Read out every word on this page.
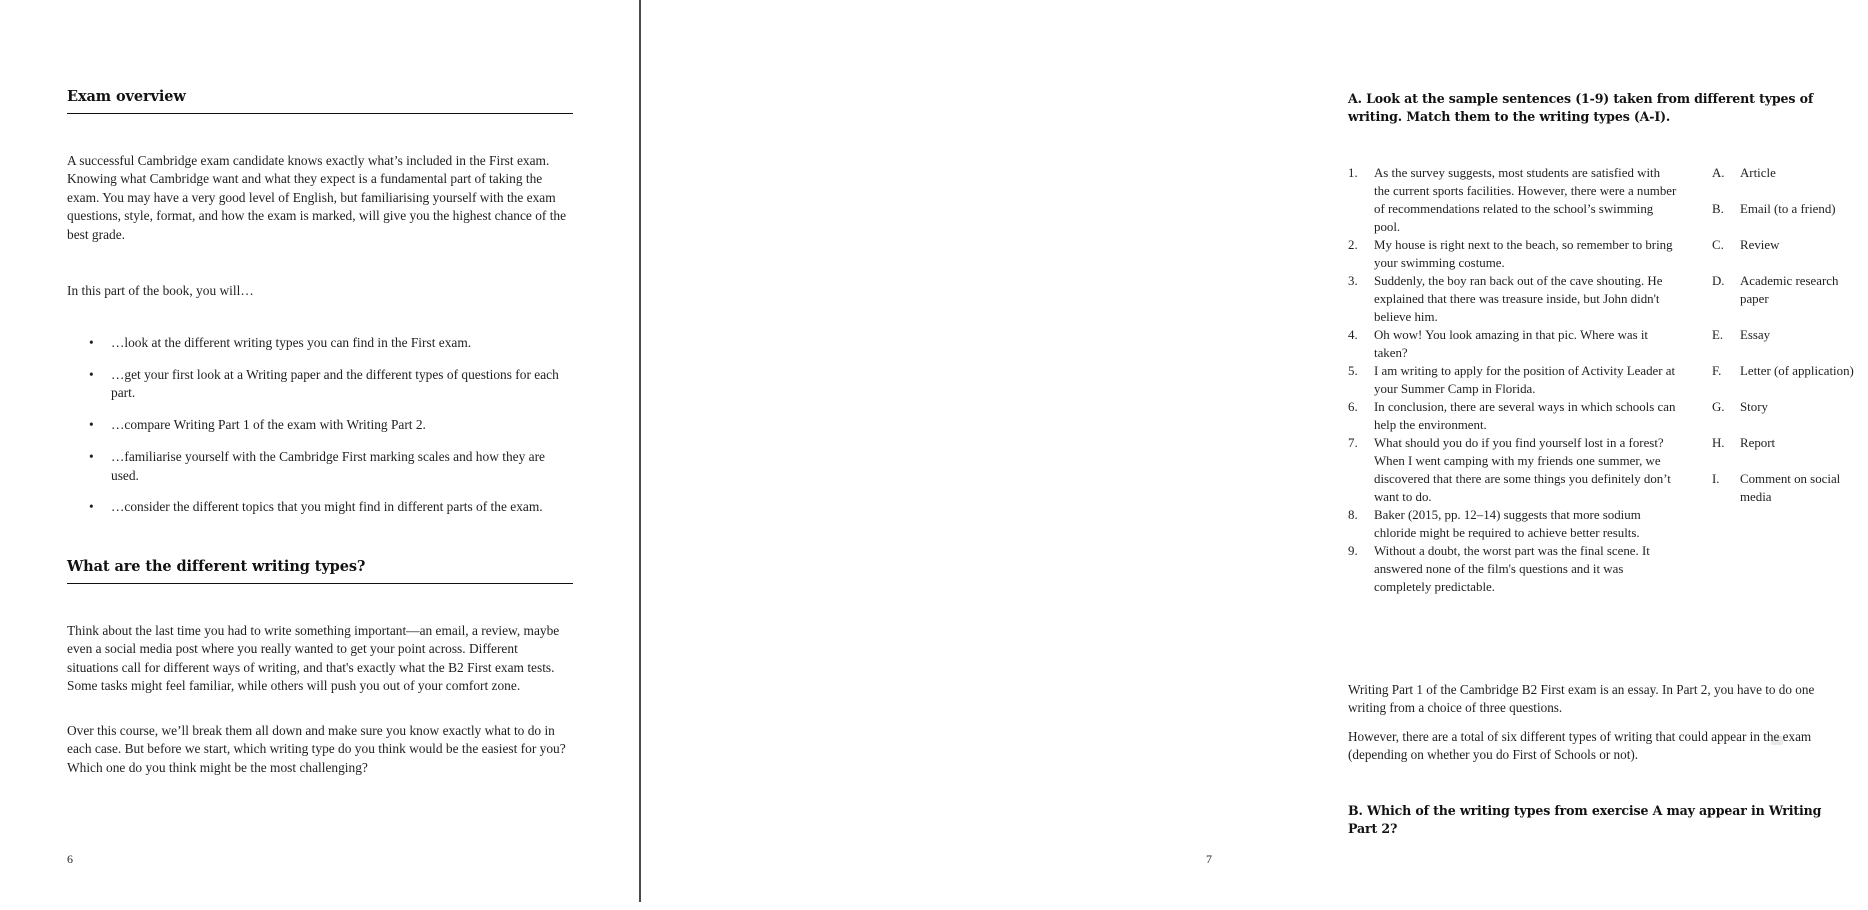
Exam overview

A successful Cambridge exam candidate knows exactly what’s included in the First exam. Knowing what Cambridge want and what they expect is a fundamental part of taking the exam. You may have a very good level of English, but familiarising yourself with the exam questions, style, format, and how the exam is marked, will give you the highest chance of the best grade.

In this part of the book, you will…

• …look at the different writing types you can find in the First exam.
• …get your first look at a Writing paper and the different types of questions for each part.
• …compare Writing Part 1 of the exam with Writing Part 2.
• …familiarise yourself with the Cambridge First marking scales and how they are used.
• …consider the different topics that you might find in different parts of the exam.
What are the different writing types?

Think about the last time you had to write something important—an email, a review, maybe even a social media post where you really wanted to get your point across. Different situations call for different ways of writing, and that's exactly what the B2 First exam tests. Some tasks might feel familiar, while others will push you out of your comfort zone.

Over this course, we’ll break them all down and make sure you know exactly what to do in each case. But before we start, which writing type do you think would be the easiest for you? Which one do you think might be the most challenging?

6

A. Look at the sample sentences (1-9) taken from different types of writing. Match them to the writing types (A-I).

1.	As the survey suggests, most students are satisfied with the current sports facilities. However, there were a number of recommendations related to the school’s swimming pool.
2.	My house is right next to the beach, so remember to bring your swimming costume.
3.	Suddenly, the boy ran back out of the cave shouting. He explained that there was treasure inside, but John didn't believe him.
4.	Oh wow! You look amazing in that pic. Where was it taken?
5.	I am writing to apply for the position of Activity Leader at your Summer Camp in Florida.
6.	In conclusion, there are several ways in which schools can help the environment.
7.	What should you do if you find yourself lost in a forest? When I went camping with my friends one summer, we discovered that there are some things you definitely don’t want to do.
8.	Baker (2015, pp. 12–14) suggests that more sodium chloride might be required to achieve better results.
9.	Without a doubt, the worst part was the final scene. It answered none of the film's questions and it was completely predictable.
A.	Article
B.	Email (to a friend)
C.	Review
D.	Academic research paper
E.	Essay
F.	Letter (of application)
G.	Story
H.	Report
I.	Comment on social media

Writing Part 1 of the Cambridge B2 First exam is an essay. In Part 2, you have to do one writing from a choice of three questions.

However, there are a total of six different types of writing that could appear in the exam (depending on whether you do First of Schools or not).

B. Which of the writing types from exercise A may appear in Writing Part 2?

7
